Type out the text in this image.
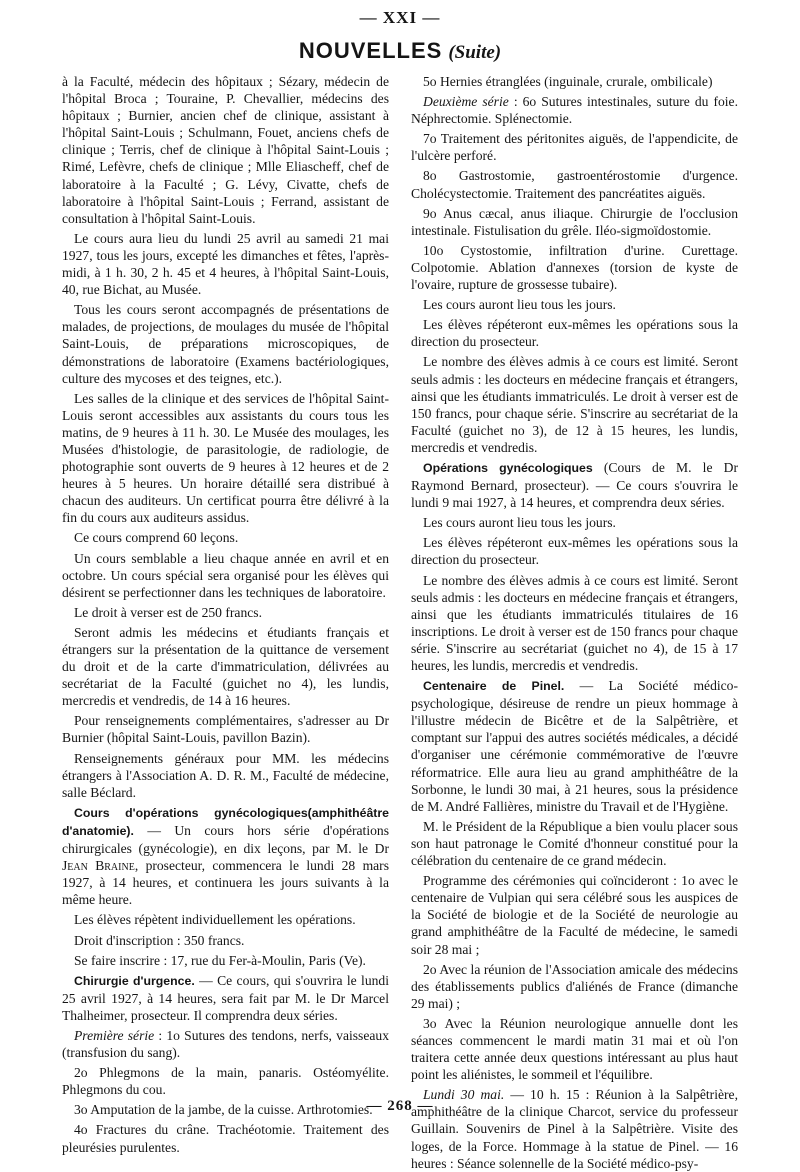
— XXI —
NOUVELLES (Suite)

à la Faculté, médecin des hôpitaux ; Sézary, médecin de l'hôpital Broca ; Touraine, P. Chevallier, médecins des hôpitaux ; Burnier, ancien chef de clinique, assistant à l'hôpital Saint-Louis ; Schulmann, Fouet, anciens chefs de clinique ; Terris, chef de clinique à l'hôpital Saint-Louis ; Rimé, Lefèvre, chefs de clinique ; Mlle Eliascheff, chef de laboratoire à la Faculté ; G. Lévy, Civatte, chefs de laboratoire à l'hôpital Saint-Louis ; Ferrand, assistant de consultation à l'hôpital Saint-Louis.

Le cours aura lieu du lundi 25 avril au samedi 21 mai 1927, tous les jours, excepté les dimanches et fêtes, l'après-midi, à 1 h. 30, 2 h. 45 et 4 heures, à l'hôpital Saint-Louis, 40, rue Bichat, au Musée.

Tous les cours seront accompagnés de présentations de malades, de projections, de moulages du musée de l'hôpital Saint-Louis, de préparations microscopiques, de démonstrations de laboratoire (Examens bactériologiques, culture des mycoses et des teignes, etc.).

Les salles de la clinique et des services de l'hôpital Saint-Louis seront accessibles aux assistants du cours tous les matins, de 9 heures à 11 h. 30. Le Musée des moulages, les Musées d'histologie, de parasitologie, de radiologie, de photographie sont ouverts de 9 heures à 12 heures et de 2 heures à 5 heures. Un horaire détaillé sera distribué à chacun des auditeurs. Un certificat pourra être délivré à la fin du cours aux auditeurs assidus.

Ce cours comprend 60 leçons.

Un cours semblable a lieu chaque année en avril et en octobre. Un cours spécial sera organisé pour les élèves qui désirent se perfectionner dans les techniques de laboratoire.

Le droit à verser est de 250 francs.

Seront admis les médecins et étudiants français et étrangers sur la présentation de la quittance de versement du droit et de la carte d'immatriculation, délivrées au secrétariat de la Faculté (guichet no 4), les lundis, mercredis et vendredis, de 14 à 16 heures.

Pour renseignements complémentaires, s'adresser au Dr Burnier (hôpital Saint-Louis, pavillon Bazin).

Renseignements généraux pour MM. les médecins étrangers à l'Association A. D. R. M., Faculté de médecine, salle Béclard.

Cours d'opérations gynécologiques(amphithéâtre d'anatomie). — Un cours hors série d'opérations chirurgicales (gynécologie), en dix leçons, par M. le Dr Jean Braine, prosecteur, commencera le lundi 28 mars 1927, à 14 heures, et continuera les jours suivants à la même heure.

Les élèves répètent individuellement les opérations.

Droit d'inscription : 350 francs.

Se faire inscrire : 17, rue du Fer-à-Moulin, Paris (Ve).

Chirurgie d'urgence. — Ce cours, qui s'ouvrira le lundi 25 avril 1927, à 14 heures, sera fait par M. le Dr Marcel Thalheimer, prosecteur. Il comprendra deux séries.

Première série : 1o Sutures des tendons, nerfs, vaisseaux (transfusion du sang).

2o Phlegmons de la main, panaris. Ostéomyélite. Phlegmons du cou.

3o Amputation de la jambe, de la cuisse. Arthrotomies.

4o Fractures du crâne. Trachéotomie. Traitement des pleurésies purulentes.

5o Hernies étranglées (inguinale, crurale, ombilicale)

Deuxième série : 6o Sutures intestinales, suture du foie. Néphrectomie. Splénectomie.

7o Traitement des péritonites aiguës, de l'appendicite, de l'ulcère perforé.

8o Gastrostomie, gastroentérostomie d'urgence. Cholécystectomie. Traitement des pancréatites aiguës.

9o Anus cæcal, anus iliaque. Chirurgie de l'occlusion intestinale. Fistulisation du grêle. Iléo-sigmoïdostomie.

10o Cystostomie, infiltration d'urine. Curettage. Colpotomie. Ablation d'annexes (torsion de kyste de l'ovaire, rupture de grossesse tubaire).

Les cours auront lieu tous les jours.

Les élèves répéteront eux-mêmes les opérations sous la direction du prosecteur.

Le nombre des élèves admis à ce cours est limité. Seront seuls admis : les docteurs en médecine français et étrangers, ainsi que les étudiants immatriculés. Le droit à verser est de 150 francs, pour chaque série. S'inscrire au secrétariat de la Faculté (guichet no 3), de 12 à 15 heures, les lundis, mercredis et vendredis.

Opérations gynécologiques (Cours de M. le Dr Raymond Bernard, prosecteur). — Ce cours s'ouvrira le lundi 9 mai 1927, à 14 heures, et comprendra deux séries.

Les cours auront lieu tous les jours.

Les élèves répéteront eux-mêmes les opérations sous la direction du prosecteur.

Le nombre des élèves admis à ce cours est limité. Seront seuls admis : les docteurs en médecine français et étrangers, ainsi que les étudiants immatriculés titulaires de 16 inscriptions. Le droit à verser est de 150 francs pour chaque série. S'inscrire au secrétariat (guichet no 4), de 15 à 17 heures, les lundis, mercredis et vendredis.

Centenaire de Pinel. — La Société médico-psychologique, désireuse de rendre un pieux hommage à l'illustre médecin de Bicêtre et de la Salpêtrière, et comptant sur l'appui des autres sociétés médicales, a décidé d'organiser une cérémonie commémorative de l'œuvre réformatrice. Elle aura lieu au grand amphithéâtre de la Sorbonne, le lundi 30 mai, à 21 heures, sous la présidence de M. André Fallières, ministre du Travail et de l'Hygiène.

M. le Président de la République a bien voulu placer sous son haut patronage le Comité d'honneur constitué pour la célébration du centenaire de ce grand médecin.

Programme des cérémonies qui coïncideront : 1o avec le centenaire de Vulpian qui sera célébré sous les auspices de la Société de biologie et de la Société de neurologie au grand amphithéâtre de la Faculté de médecine, le samedi soir 28 mai ;

2o Avec la réunion de l'Association amicale des médecins des établissements publics d'aliénés de France (dimanche 29 mai) ;

3o Avec la Réunion neurologique annuelle dont les séances commencent le mardi matin 31 mai et où l'on traitera cette année deux questions intéressant au plus haut point les aliénistes, le sommeil et l'équilibre.

Lundi 30 mai. — 10 h. 15 : Réunion à la Salpêtrière, amphithéâtre de la clinique Charcot, service du professeur Guillain. Souvenirs de Pinel à la Salpêtrière. Visite des loges, de la Force. Hommage à la statue de Pinel. — 16 heures : Séance solennelle de la Société médico-psy-

— 268 —
